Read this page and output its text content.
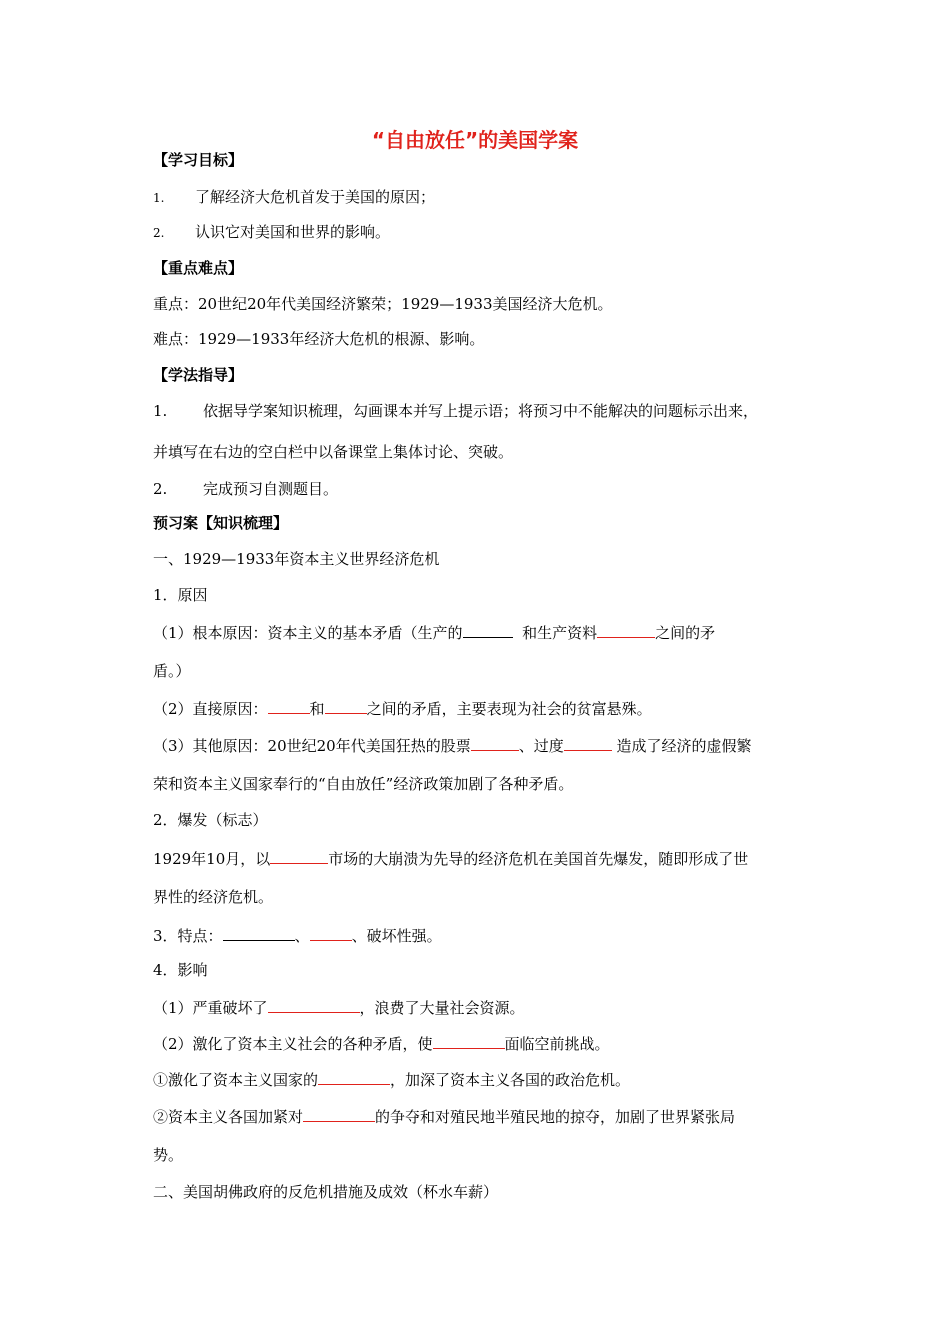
“自由放任”的美国学案
【学习目标】
1. 了解经济大危机首发于美国的原因；
2. 认识它对美国和世界的影响。
【重点难点】
重点：20世纪20年代美国经济繁荣；1929—1933美国经济大危机。
难点：1929—1933年经济大危机的根源、影响。
【学法指导】
1. 依据导学案知识梳理，勾画课本并写上提示语；将预习中不能解决的问题标示出来，
并填写在右边的空白栏中以备课堂上集体讨论、突破。
2. 完成预习自测题目。
预习案【知识梳理】
一、1929—1933年资本主义世界经济危机
1．原因
（1）根本原因：资本主义的基本矛盾（生产的	和生产资料	之间的矛
盾。）
（2）直接原因：	和	之间的矛盾，主要表现为社会的贫富悬殊。
（3）其他原因：20世纪20年代美国狂热的股票	、过度	造成了经济的虚假繁
荣和资本主义国家奉行的“自由放任”经济政策加剧了各种矛盾。
2．爆发（标志）
1929年10月，以	市场的大崩溃为先导的经济危机在美国首先爆发，随即形成了世
界性的经济危机。
3．特点：	、	、破坏性强。
4．影响
（1）严重破坏了	，浪费了大量社会资源。
（2）激化了资本主义社会的各种矛盾，使	面临空前挑战。
①激化了资本主义国家的	，加深了资本主义各国的政治危机。
②资本主义各国加紧对	的争夺和对殖民地半殖民地的掠夺，加剧了世界紧张局
势。
二、美国胡佛政府的反危机措施及成效（杯水车薪）
